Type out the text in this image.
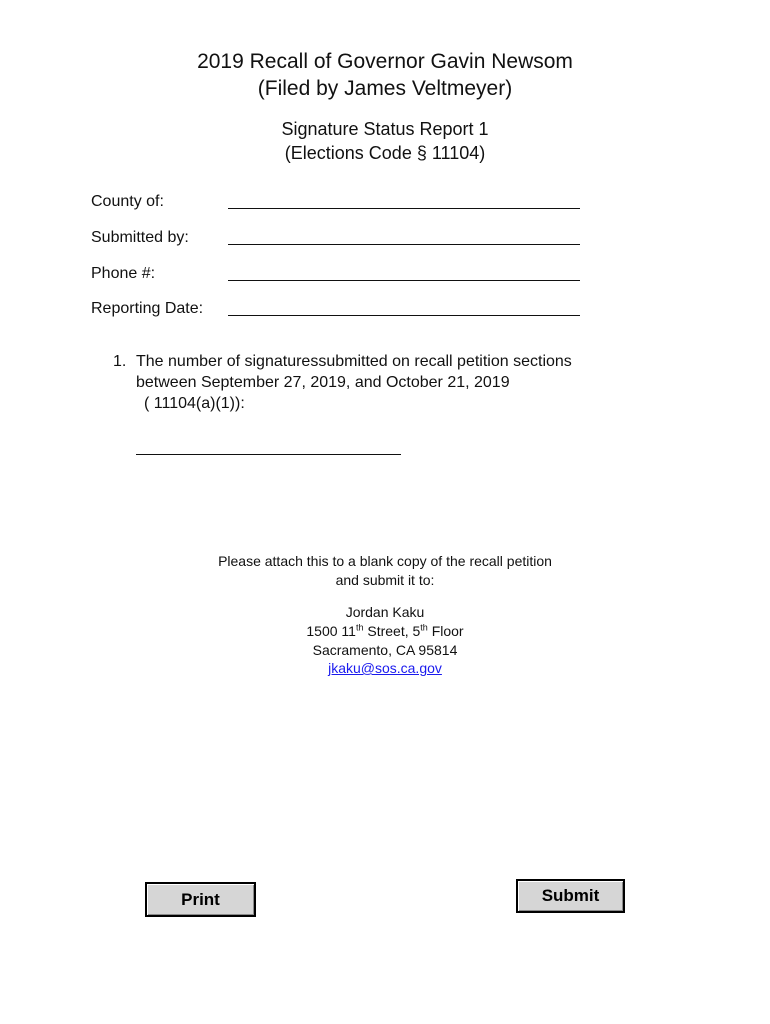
2019 Recall of Governor Gavin Newsom
(Filed by James Veltmeyer)
Signature Status Report 1
(Elections Code § 11104)
County of:
Submitted by:
Phone #:
Reporting Date:
1. The number of signaturessubmitted on recall petition sections
between September 27, 2019, and October 21, 2019
( 11104(a)(1)):
Please attach this to a blank copy of the recall petition
and submit it to:
Jordan Kaku
1500 11th Street, 5th Floor
Sacramento, CA 95814
jkaku@sos.ca.gov
Print	Submit
